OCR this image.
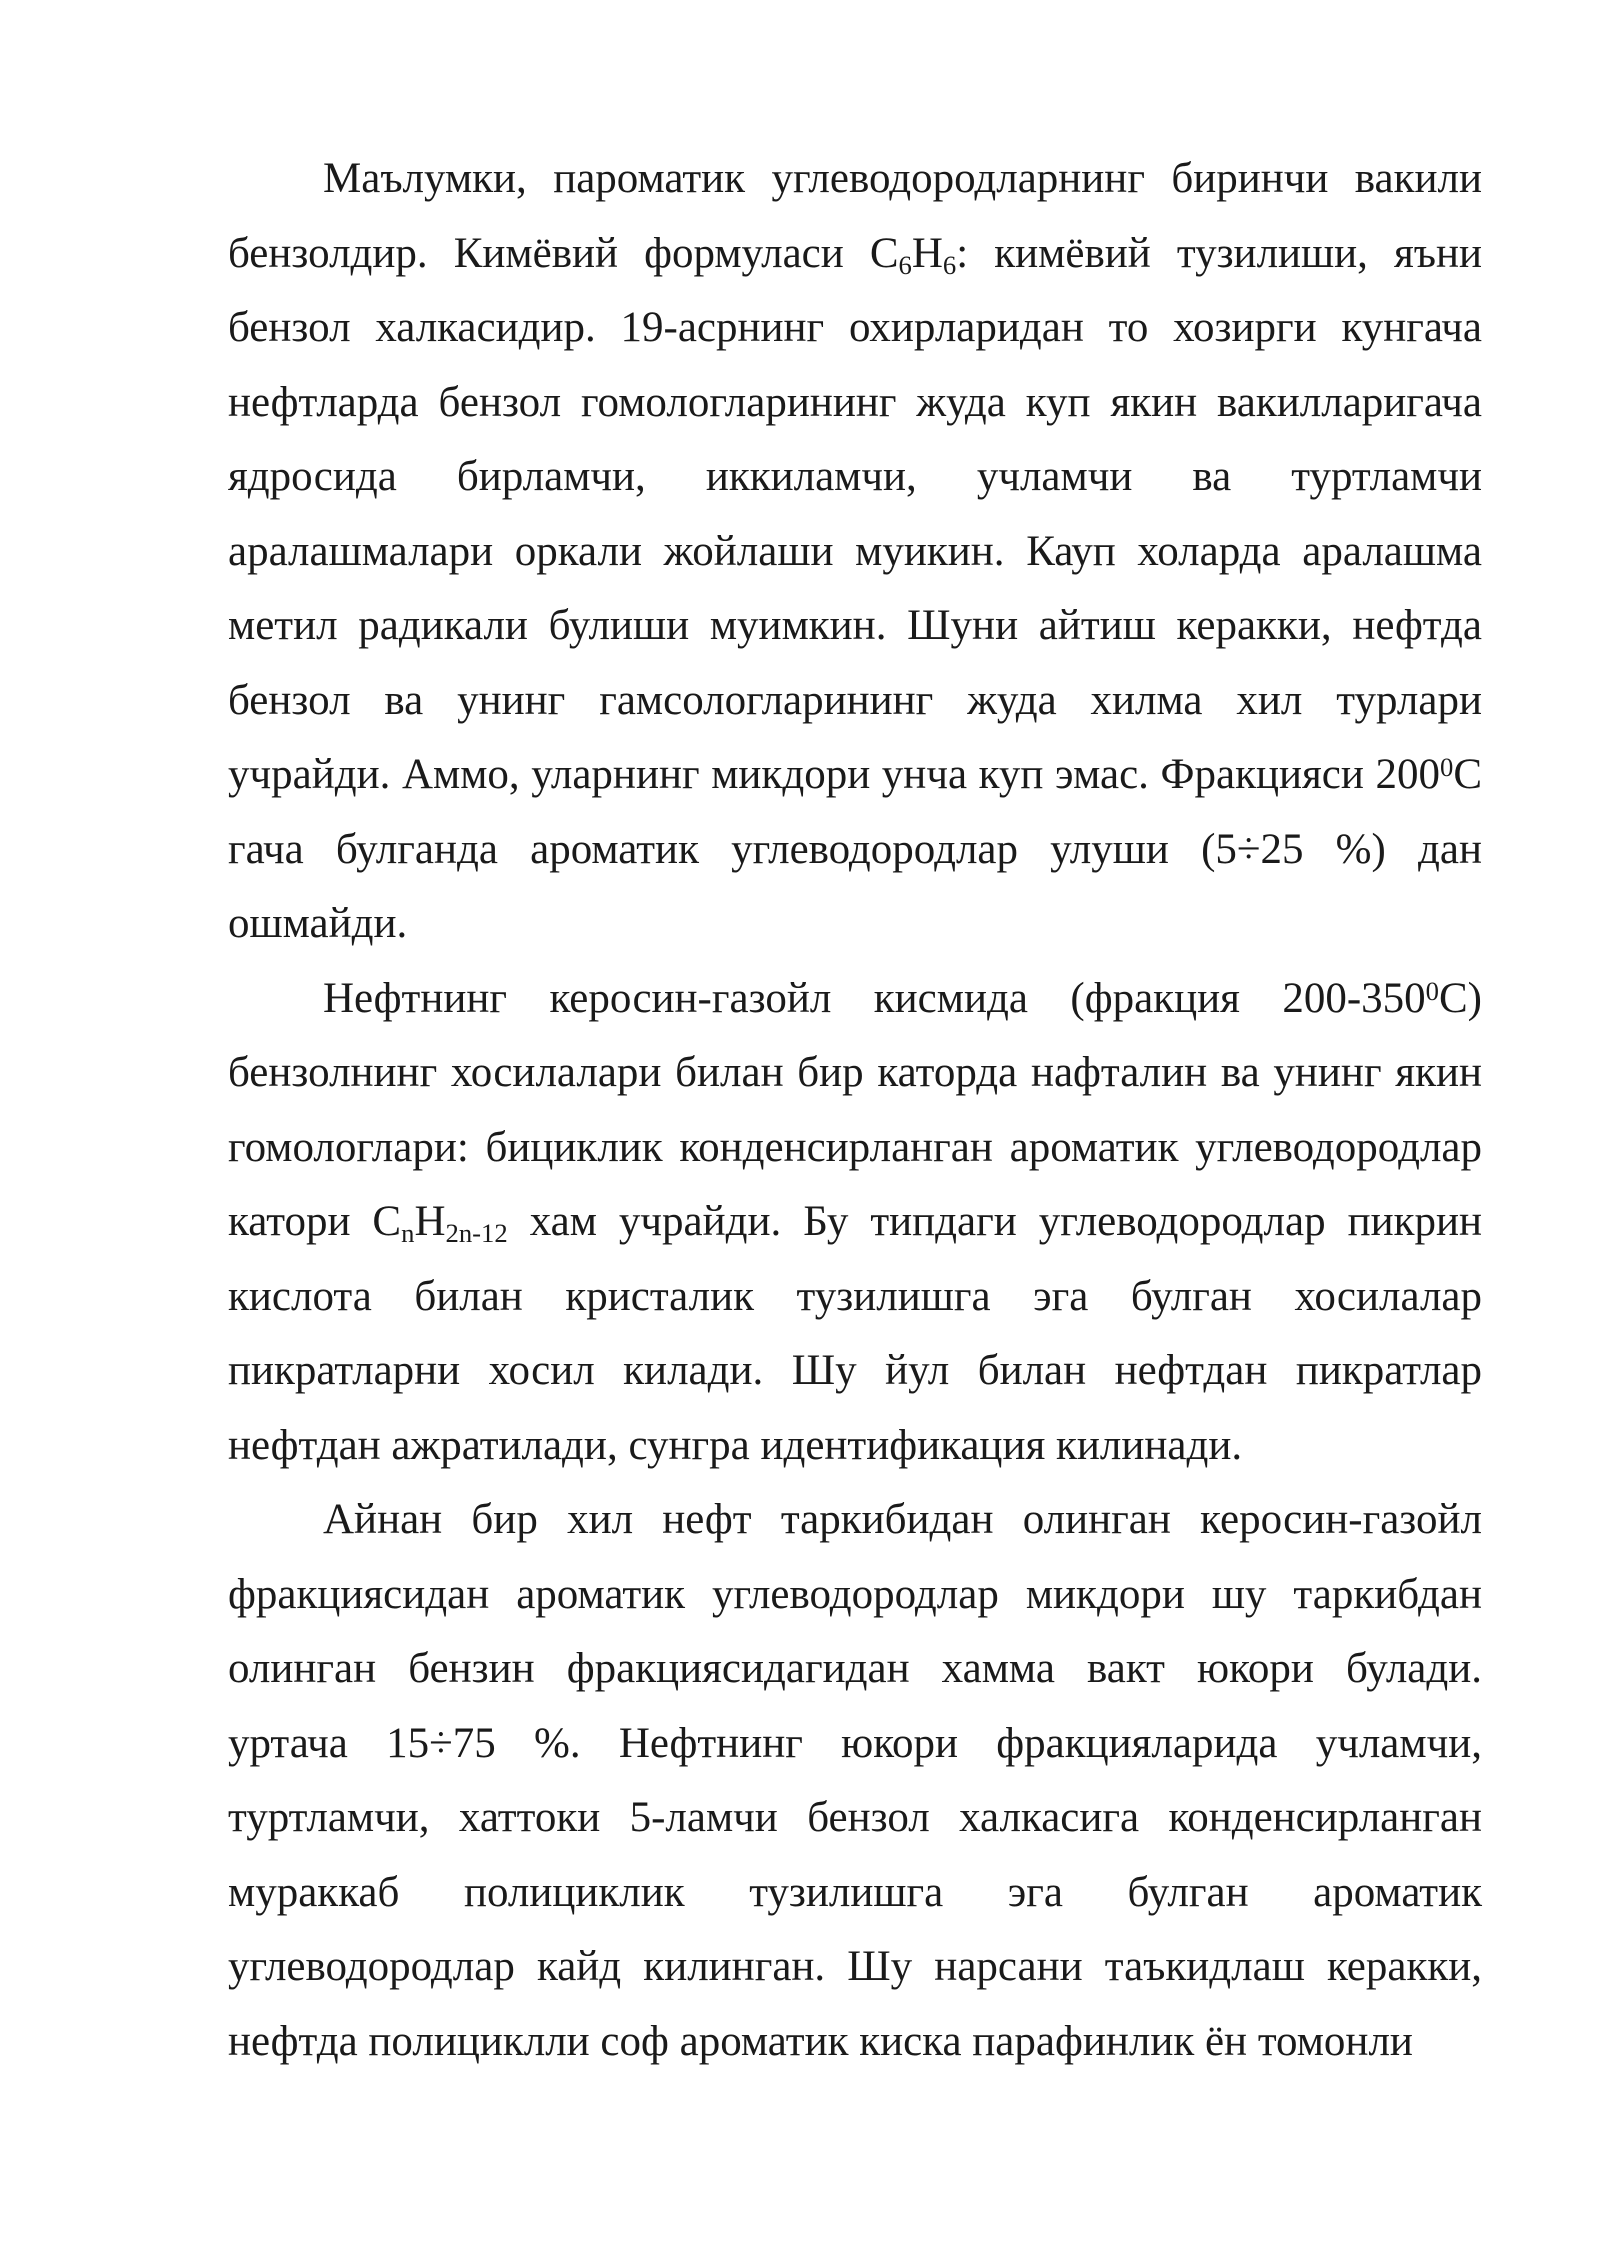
Маълумки, пароматик углеводородларнинг биринчи вакили бензолдир. Кимёвий формуласи $С_6Н_6$: кимёвий тузилиши, яъни бензол халкасидир. 19-асрнинг охирларидан то хозирги кунгача нефтларда бензол гомологларининг жуда куп якин вакилларигача ядросида бирламчи, иккиламчи, учламчи ва туртламчи аралашмалари оркали жойлаши муикин. Кауп холарда аралашма метил радикали булиши муимкин. Шуни айтиш керакки, нефтда бензол ва унинг гамсологларининг жуда хилма хил турлари учрайди. Аммо, уларнинг микдори унча куп эмас. Фракцияси $200^0С$ гача булганда ароматик углеводородлар улуши (5÷25 %) дан ошмайди.

Нефтнинг керосин-газойл кисмида (фракция $200-350^0С$) бензолнинг хосилалари билан бир каторда нафталин ва унинг якин гомологлари: бициклик конденсирланган ароматик углеводородлар катори $С_nН_{2n-12}$ хам учрайди. Бу типдаги углеводородлар пикрин кислота билан кристалик тузилишга эга булган хосилалар пикратларни хосил килади. Шу йул билан нефтдан пикратлар нефтдан ажратилади, сунгра идентификация килинади.

Айнан бир хил нефт таркибидан олинган керосин-газойл фракциясидан ароматик углеводородлар микдори шу таркибдан олинган бензин фракциясидагидан хамма вакт юкори булади. уртача 15÷75 %. Нефтнинг юкори фракцияларида учламчи, туртламчи, хаттоки 5-ламчи бензол халкасига конденсирланган мураккаб полициклик тузилишга эга булган ароматик углеводородлар кайд килинган. Шу нарсани таъкидлаш керакки, нефтда полициклли соф ароматик киска парафинлик ён томонли
